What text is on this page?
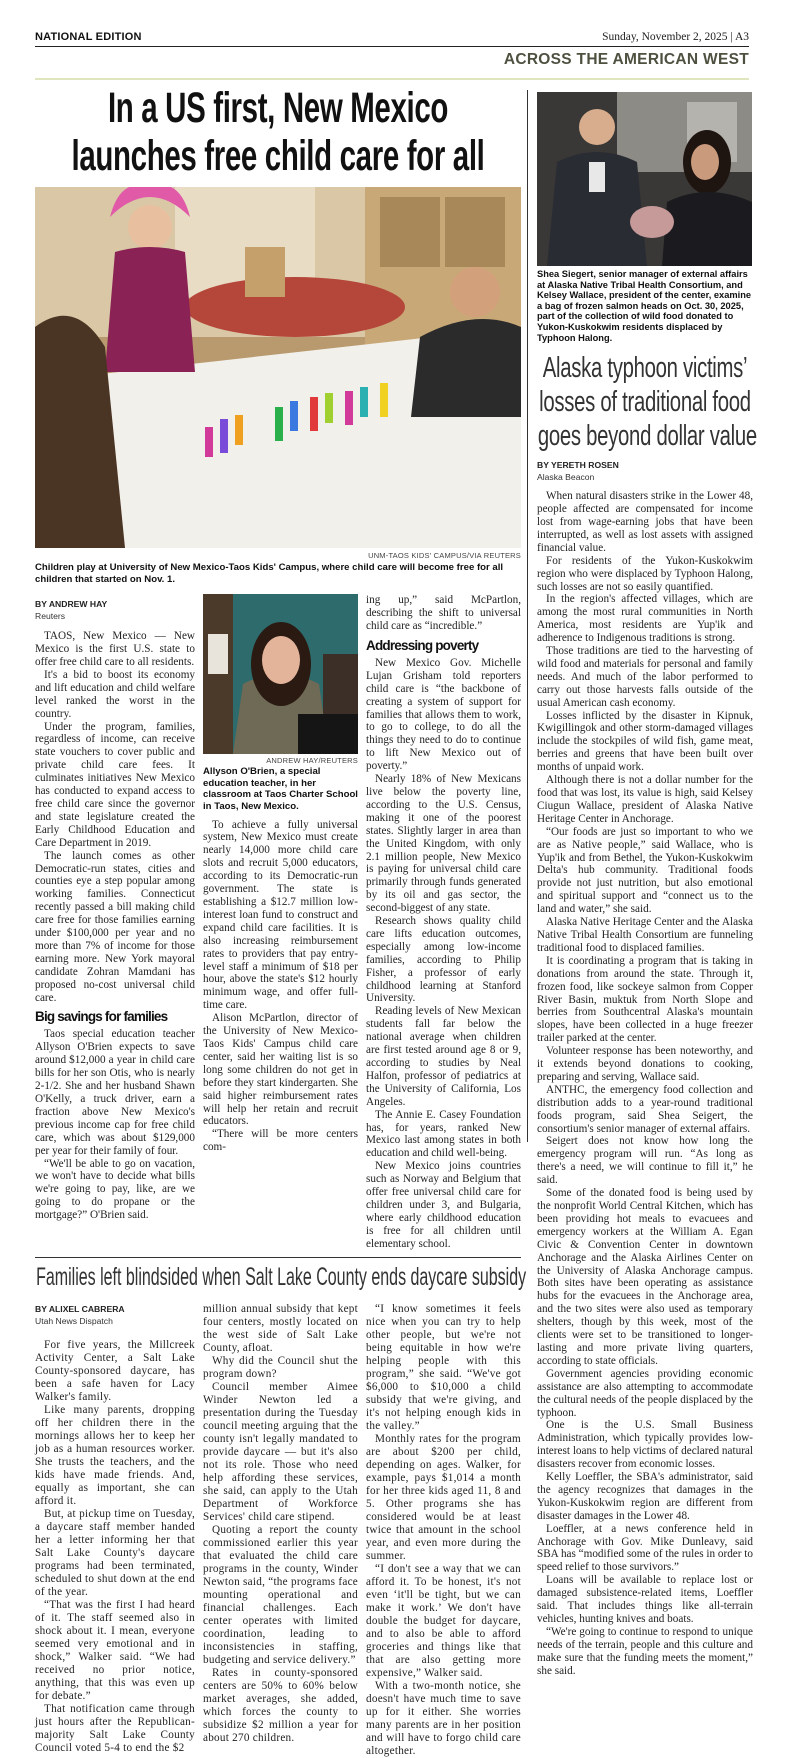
NATIONAL EDITION	Sunday, November 2, 2025 | A3
ACROSS THE AMERICAN WEST
In a US first, New Mexico
launches free child care for all
UNM-TAOS KIDS' CAMPUS/VIA REUTERS
Children play at University of New Mexico-Taos Kids' Campus, where child care will become free for all children that started on Nov. 1.
BY ANDREW HAY
Reuters

TAOS, New Mexico — New Mexico is the first U.S. state to offer free child care to all residents.

It's a bid to boost its economy and lift education and child welfare level ranked the worst in the country.

Under the program, families, regardless of income, can receive state vouchers to cover public and private child care fees. It culminates initiatives New Mexico has conducted to expand access to free child care since the governor and state legislature created the Early Childhood Education and Care Department in 2019.

The launch comes as other Democratic-run states, cities and counties eye a step popular among working families. Connecticut recently passed a bill making child care free for those families earning under $100,000 per year and no more than 7% of income for those earning more. New York mayoral candidate Zohran Mamdani has proposed no-cost universal child care.

Big savings for families

Taos special education teacher Allyson O'Brien expects to save around $12,000 a year in child care bills for her son Otis, who is nearly 2-1/2. She and her husband Shawn O'Kelly, a truck driver, earn a fraction above New Mexico's previous income cap for free child care, which was about $129,000 per year for their family of four.

“We'll be able to go on vacation, we won't have to decide what bills we're going to pay, like, are we going to do propane or the mortgage?” O'Brien said.

ANDREW HAY/REUTERS
Allyson O'Brien, a special education teacher, in her classroom at Taos Charter School in Taos, New Mexico.

To achieve a fully universal system, New Mexico must create nearly 14,000 more child care slots and recruit 5,000 educators, according to its Democratic-run government. The state is establishing a $12.7 million low-interest loan fund to construct and expand child care facilities. It is also increasing reimbursement rates to providers that pay entry-level staff a minimum of $18 per hour, above the state's $12 hourly minimum wage, and offer full-time care.

Alison McPartlon, director of the University of New Mexico-Taos Kids' Campus child care center, said her waiting list is so long some children do not get in before they start kindergarten. She said higher reimbursement rates will help her retain and recruit educators.

“There will be more centers com-

ing up,” said McPartlon, describing the shift to universal child care as “incredible.”

Addressing poverty

New Mexico Gov. Michelle Lujan Grisham told reporters child care is “the backbone of creating a system of support for families that allows them to work, to go to college, to do all the things they need to do to continue to lift New Mexico out of poverty.”

Nearly 18% of New Mexicans live below the poverty line, according to the U.S. Census, making it one of the poorest states. Slightly larger in area than the United Kingdom, with only 2.1 million people, New Mexico is paying for universal child care primarily through funds generated by its oil and gas sector, the second-biggest of any state.

Research shows quality child care lifts education outcomes, especially among low-income families, according to Philip Fisher, a professor of early childhood learning at Stanford University.

Reading levels of New Mexican students fall far below the national average when children are first tested around age 8 or 9, according to studies by Neal Halfon, professor of pediatrics at the University of California, Los Angeles.

The Annie E. Casey Foundation has, for years, ranked New Mexico last among states in both education and child well-being.

New Mexico joins countries such as Norway and Belgium that offer free universal child care for children under 3, and Bulgaria, where early childhood education is free for all children until elementary school.

Families left blindsided when Salt Lake County ends daycare subsidy
BY ALIXEL CABRERA
Utah News Dispatch

For five years, the Millcreek Activity Center, a Salt Lake County-sponsored daycare, has been a safe haven for Lacy Walker's family.

Like many parents, dropping off her children there in the mornings allows her to keep her job as a human resources worker. She trusts the teachers, and the kids have made friends. And, equally as important, she can afford it.

But, at pickup time on Tuesday, a daycare staff member handed her a letter informing her that Salt Lake County's daycare programs had been terminated, scheduled to shut down at the end of the year.

“That was the first I had heard of it. The staff seemed also in shock about it. I mean, everyone seemed very emotional and in shock,” Walker said. “We had received no prior notice, anything, that this was even up for debate.”

That notification came through just hours after the Republican-majority Salt Lake County Council voted 5-4 to end the $2

million annual subsidy that kept four centers, mostly located on the west side of Salt Lake County, afloat.

Why did the Council shut the program down?

Council member Aimee Winder Newton led a presentation during the Tuesday council meeting arguing that the county isn't legally mandated to provide daycare — but it's also not its role. Those who need help affording these services, she said, can apply to the Utah Department of Workforce Services' child care stipend.

Quoting a report the county commissioned earlier this year that evaluated the child care programs in the county, Winder Newton said, “the programs face mounting operational and financial challenges. Each center operates with limited coordination, leading to inconsistencies in staffing, budgeting and service delivery.”

Rates in county-sponsored centers are 50% to 60% below market averages, she added, which forces the county to subsidize $2 million a year for about 270 children.

“I know sometimes it feels nice when you can try to help other people, but we're not being equitable in how we're helping people with this program,” she said. “We've got $6,000 to $10,000 a child subsidy that we're giving, and it's not helping enough kids in the valley.”

Monthly rates for the program are about $200 per child, depending on ages. Walker, for example, pays $1,014 a month for her three kids aged 11, 8 and 5. Other programs she has considered would be at least twice that amount in the school year, and even more during the summer.

“I don't see a way that we can afford it. To be honest, it's not even ‘it'll be tight, but we can make it work.’ We don't have double the budget for daycare, and to also be able to afford groceries and things like that that are also getting more expensive,” Walker said.

With a two-month notice, she doesn't have much time to save up for it either. She worries many parents are in her position and will have to forgo child care altogether.

Shea Siegert, senior manager of external affairs at Alaska Native Tribal Health Consortium, and Kelsey Wallace, president of the center, examine a bag of frozen salmon heads on Oct. 30, 2025, part of the collection of wild food donated to Yukon-Kuskokwim residents displaced by Typhoon Halong.
Alaska typhoon victims’
losses of traditional food
goes beyond dollar value
BY YERETH ROSEN
Alaska Beacon

When natural disasters strike in the Lower 48, people affected are compensated for income lost from wage-earning jobs that have been interrupted, as well as lost assets with assigned financial value.

For residents of the Yukon-Kuskokwim region who were displaced by Typhoon Halong, such losses are not so easily quantified.

In the region's affected villages, which are among the most rural communities in North America, most residents are Yup'ik and adherence to Indigenous traditions is strong.

Those traditions are tied to the harvesting of wild food and materials for personal and family needs. And much of the labor performed to carry out those harvests falls outside of the usual American cash economy.

Losses inflicted by the disaster in Kipnuk, Kwigillingok and other storm-damaged villages include the stockpiles of wild fish, game meat, berries and greens that have been built over months of unpaid work.

Although there is not a dollar number for the food that was lost, its value is high, said Kelsey Ciugun Wallace, president of Alaska Native Heritage Center in Anchorage.

“Our foods are just so important to who we are as Native people,” said Wallace, who is Yup'ik and from Bethel, the Yukon-Kuskokwim Delta's hub community. Traditional foods provide not just nutrition, but also emotional and spiritual support and “connect us to the land and water,” she said.

Alaska Native Heritage Center and the Alaska Native Tribal Health Consortium are funneling traditional food to displaced families.

It is coordinating a program that is taking in donations from around the state. Through it, frozen food, like sockeye salmon from Copper River Basin, muktuk from North Slope and berries from Southcentral Alaska's mountain slopes, have been collected in a huge freezer trailer parked at the center.

Volunteer response has been noteworthy, and it extends beyond donations to cooking, preparing and serving, Wallace said.

ANTHC, the emergency food collection and distribution adds to a year-round traditional foods program, said Shea Seigert, the consortium's senior manager of external affairs.

Seigert does not know how long the emergency program will run. “As long as there's a need, we will continue to fill it,” he said.

Some of the donated food is being used by the nonprofit World Central Kitchen, which has been providing hot meals to evacuees and emergency workers at the William A. Egan Civic & Convention Center in downtown Anchorage and the Alaska Airlines Center on the University of Alaska Anchorage campus. Both sites have been operating as assistance hubs for the evacuees in the Anchorage area, and the two sites were also used as temporary shelters, though by this week, most of the clients were set to be transitioned to longer-lasting and more private living quarters, according to state officials.

Government agencies providing economic assistance are also attempting to accommodate the cultural needs of the people displaced by the typhoon.

One is the U.S. Small Business Administration, which typically provides low-interest loans to help victims of declared natural disasters recover from economic losses.

Kelly Loeffler, the SBA's administrator, said the agency recognizes that damages in the Yukon-Kuskokwim region are different from disaster damages in the Lower 48.

Loeffler, at a news conference held in Anchorage with Gov. Mike Dunleavy, said SBA has “modified some of the rules in order to speed relief to those survivors.”

Loans will be available to replace lost or damaged subsistence-related items, Loeffler said. That includes things like all-terrain vehicles, hunting knives and boats.

“We're going to continue to respond to unique needs of the terrain, people and this culture and make sure that the funding meets the moment,” she said.
